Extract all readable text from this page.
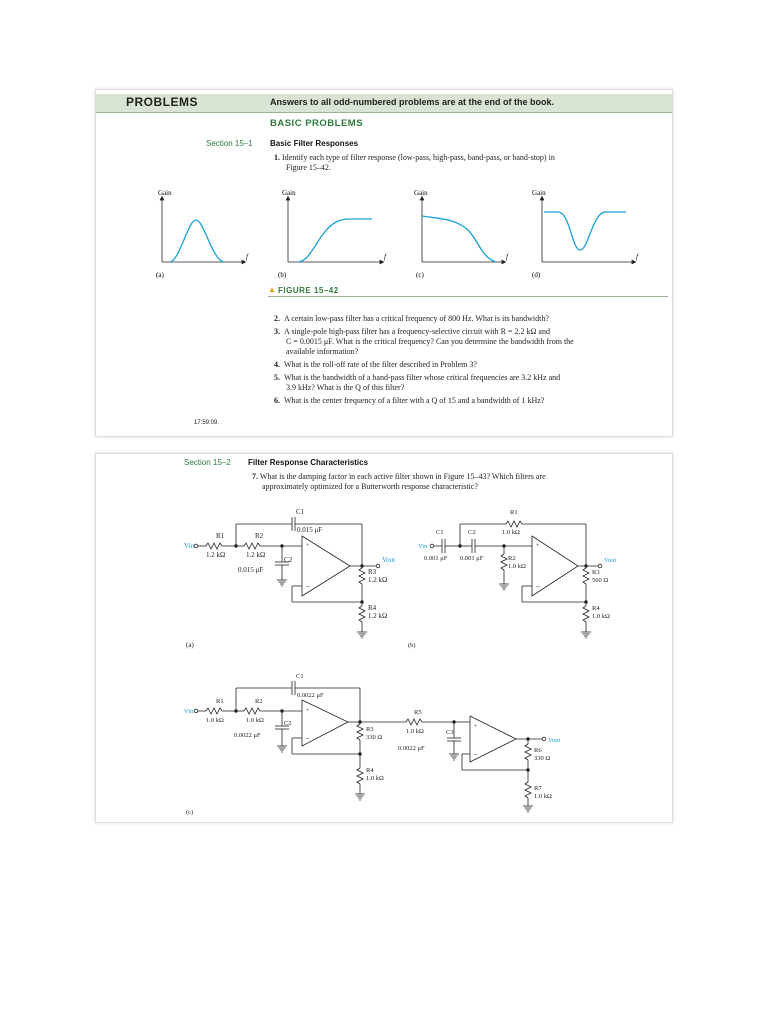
PROBLEMS	Answers to all odd-numbered problems are at the end of the book.
BASIC PROBLEMS
Section 15–1 Basic Filter Responses
1. Identify each type of filter response (low-pass, high-pass, band-pass, or band-stop) in
Figure 15–42.
Gain
f
(a)
Gain
f
(b)
Gain
f
(c)
Gain
f
(d)
▲ FIGURE 15–42
2. A certain low-pass filter has a critical frequency of 800 Hz. What is its bandwidth?
3. A single-pole high-pass filter has a frequency-selective circuit with R = 2.2 kΩ and
C = 0.0015 μF. What is the critical frequency? Can you determine the bandwidth from the
available information?
4. What is the roll-off rate of the filter described in Problem 3?
5. What is the bandwidth of a band-pass filter whose critical frequencies are 3.2 kHz and
3.9 kHz? What is the Q of this filter?
6. What is the center frequency of a filter with a Q of 15 and a bandwidth of 1 kHz?
17:59:09.
Section 15–2 Filter Response Characteristics
7. What is the damping factor in each active filter shown in Figure 15–43? Which filters are
approximately optimized for a Butterworth response characteristic?
C1
0.015 μF
Vin
R1
1.2 kΩ
R2
1.2 kΩ
C2
0.015 μF
+
–
Vout
R3
1.2 kΩ
R4
1.2 kΩ
(a)
R1
1.0 kΩ
Vin
C1
0.001 μF
C2
0.001 μF	R2
1.0 kΩ
+
–
Vout
R3
560 Ω
R4
1.0 kΩ
(b)
C1
0.0022 μF
Vin
R1
1.0 kΩ
R2
1.0 kΩ	C2
0.0022 μF
+
–
R3
330 Ω
R4
1.0 kΩ
R5
1.0 kΩ	C3
0.0022 μF
+
–
Vout
R6
330 Ω
R7
1.0 kΩ
(c)
